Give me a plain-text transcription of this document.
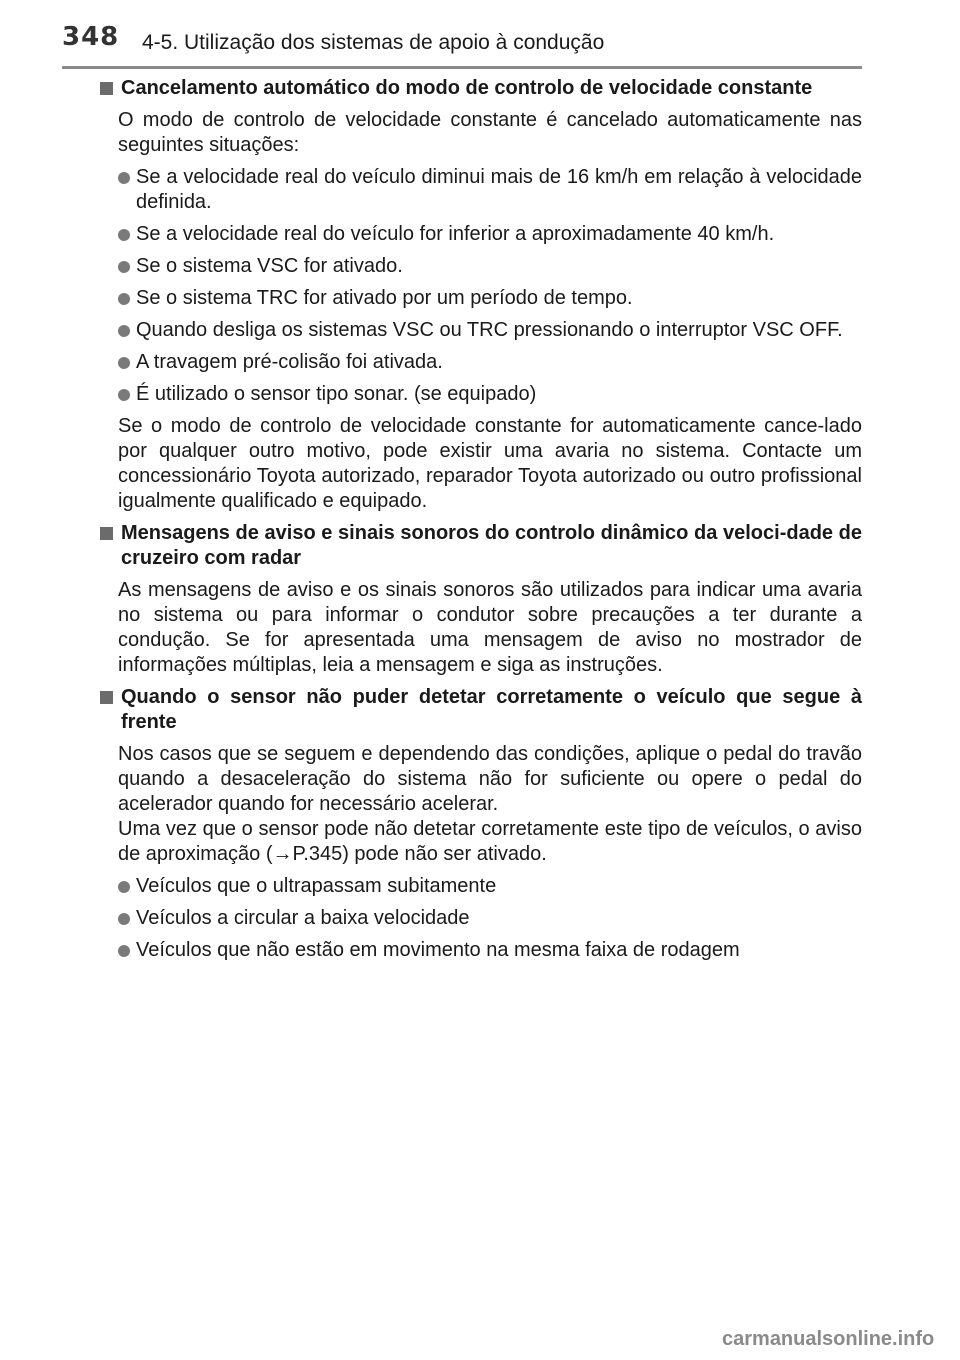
348 4-5. Utilização dos sistemas de apoio à condução
Cancelamento automático do modo de controlo de velocidade constante

O modo de controlo de velocidade constante é cancelado automaticamente nas seguintes situações:

Se a velocidade real do veículo diminui mais de 16 km/h em relação à velocidade definida.
Se a velocidade real do veículo for inferior a aproximadamente 40 km/h.
Se o sistema VSC for ativado.
Se o sistema TRC for ativado por um período de tempo.
Quando desliga os sistemas VSC ou TRC pressionando o interruptor VSC OFF.
A travagem pré-colisão foi ativada.
É utilizado o sensor tipo sonar. (se equipado)

Se o modo de controlo de velocidade constante for automaticamente cance-lado por qualquer outro motivo, pode existir uma avaria no sistema. Contacte um concessionário Toyota autorizado, reparador Toyota autorizado ou outro profissional igualmente qualificado e equipado.

Mensagens de aviso e sinais sonoros do controlo dinâmico da veloci-dade de cruzeiro com radar

As mensagens de aviso e os sinais sonoros são utilizados para indicar uma avaria no sistema ou para informar o condutor sobre precauções a ter durante a condução. Se for apresentada uma mensagem de aviso no mostrador de informações múltiplas, leia a mensagem e siga as instruções.

Quando o sensor não puder detetar corretamente o veículo que segue à frente

Nos casos que se seguem e dependendo das condições, aplique o pedal do travão quando a desaceleração do sistema não for suficiente ou opere o pedal do acelerador quando for necessário acelerar.

Uma vez que o sensor pode não detetar corretamente este tipo de veículos, o aviso de aproximação (→P.345) pode não ser ativado.

Veículos que o ultrapassam subitamente
Veículos a circular a baixa velocidade
Veículos que não estão em movimento na mesma faixa de rodagem
carmanualsonline.info
